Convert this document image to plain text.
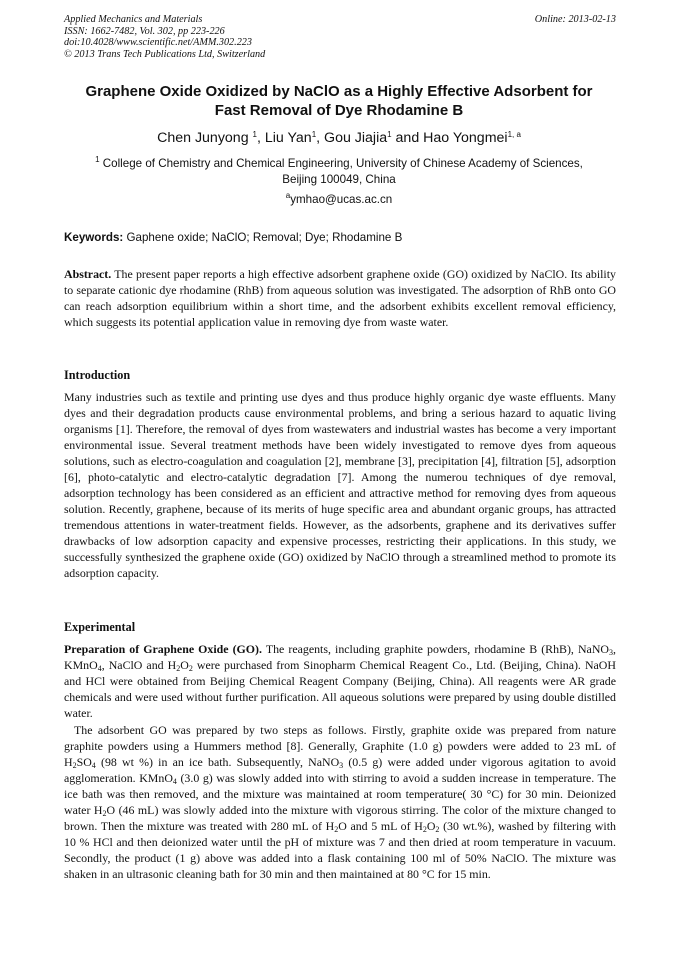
Applied Mechanics and Materials
ISSN: 1662-7482, Vol. 302, pp 223-226
doi:10.4028/www.scientific.net/AMM.302.223
© 2013 Trans Tech Publications Ltd, Switzerland
Online: 2013-02-13
Graphene Oxide Oxidized by NaClO as a Highly Effective Adsorbent for
Fast Removal of Dye Rhodamine B
Chen Junyong $^1$, Liu Yan$^1$, Gou Jiajia$^1$ and Hao Yongmei$^{1, a}$
$^1$ College of Chemistry and Chemical Engineering, University of Chinese Academy of Sciences,
Beijing 100049, China
$^a$ymhao@ucas.ac.cn
Keywords: Gaphene oxide; NaClO; Removal; Dye; Rhodamine B
Abstract. The present paper reports a high effective adsorbent graphene oxide (GO) oxidized by NaClO. Its ability to separate cationic dye rhodamine (RhB) from aqueous solution was investigated. The adsorption of RhB onto GO can reach adsorption equilibrium within a short time, and the adsorbent exhibits excellent removal efficiency, which suggests its potential application value in removing dye from waste water.
Introduction
Many industries such as textile and printing use dyes and thus produce highly organic dye waste effluents. Many dyes and their degradation products cause environmental problems, and bring a serious hazard to aquatic living organisms [1]. Therefore, the removal of dyes from wastewaters and industrial wastes has become a very important environmental issue. Several treatment methods have been widely investigated to remove dyes from aqueous solutions, such as electro-coagulation and coagulation [2], membrane [3], precipitation [4], filtration [5], adsorption [6], photo-catalytic and electro-catalytic degradation [7]. Among the numerou techniques of dye removal, adsorption technology has been considered as an efficient and attractive method for removing dyes from aqueous solution. Recently, graphene, because of its merits of huge specific area and abundant organic groups, has attracted tremendous attentions in water-treatment fields. However, as the adsorbents, graphene and its derivatives suffer drawbacks of low adsorption capacity and expensive processes, restricting their applications. In this study, we successfully synthesized the graphene oxide (GO) oxidized by NaClO through a streamlined method to promote its adsorption capacity.
Experimental
Preparation of Graphene Oxide (GO). The reagents, including graphite powders, rhodamine B (RhB), NaNO$_3$, KMnO$_4$, NaClO and $H_2O_2$ were purchased from Sinopharm Chemical Reagent Co., Ltd. (Beijing, China). NaOH and HCl were obtained from Beijing Chemical Reagent Company (Beijing, China). All reagents were AR grade chemicals and were used without further purification. All aqueous solutions were prepared by using double distilled water.
The adsorbent GO was prepared by two steps as follows. Firstly, graphite oxide was prepared from nature graphite powders using a Hummers method [8]. Generally, Graphite (1.0 g) powders were added to 23 mL of $H_2SO_4$ (98 wt %) in an ice bath. Subsequently, NaNO$_3$ (0.5 g) were added under vigorous agitation to avoid agglomeration. KMnO$_4$ (3.0 g) was slowly added into with stirring to avoid a sudden increase in temperature. The ice bath was then removed, and the mixture was maintained at room temperature( 30 °C) for 30 min. Deionized water $H_2O$ (46 mL) was slowly added into the mixture with vigorous stirring. The color of the mixture changed to brown. Then the mixture was treated with 280 mL of $H_2O$ and 5 mL of $H_2O_2$ (30 wt.%), washed by filtering with 10 % HCl and then deionized water until the pH of mixture was 7 and then dried at room temperature in vacuum. Secondly, the product (1 g) above was added into a flask containing 100 ml of 50% NaClO. The mixture was shaken in an ultrasonic cleaning bath for 30 min and then maintained at 80 °C for 15 min.
